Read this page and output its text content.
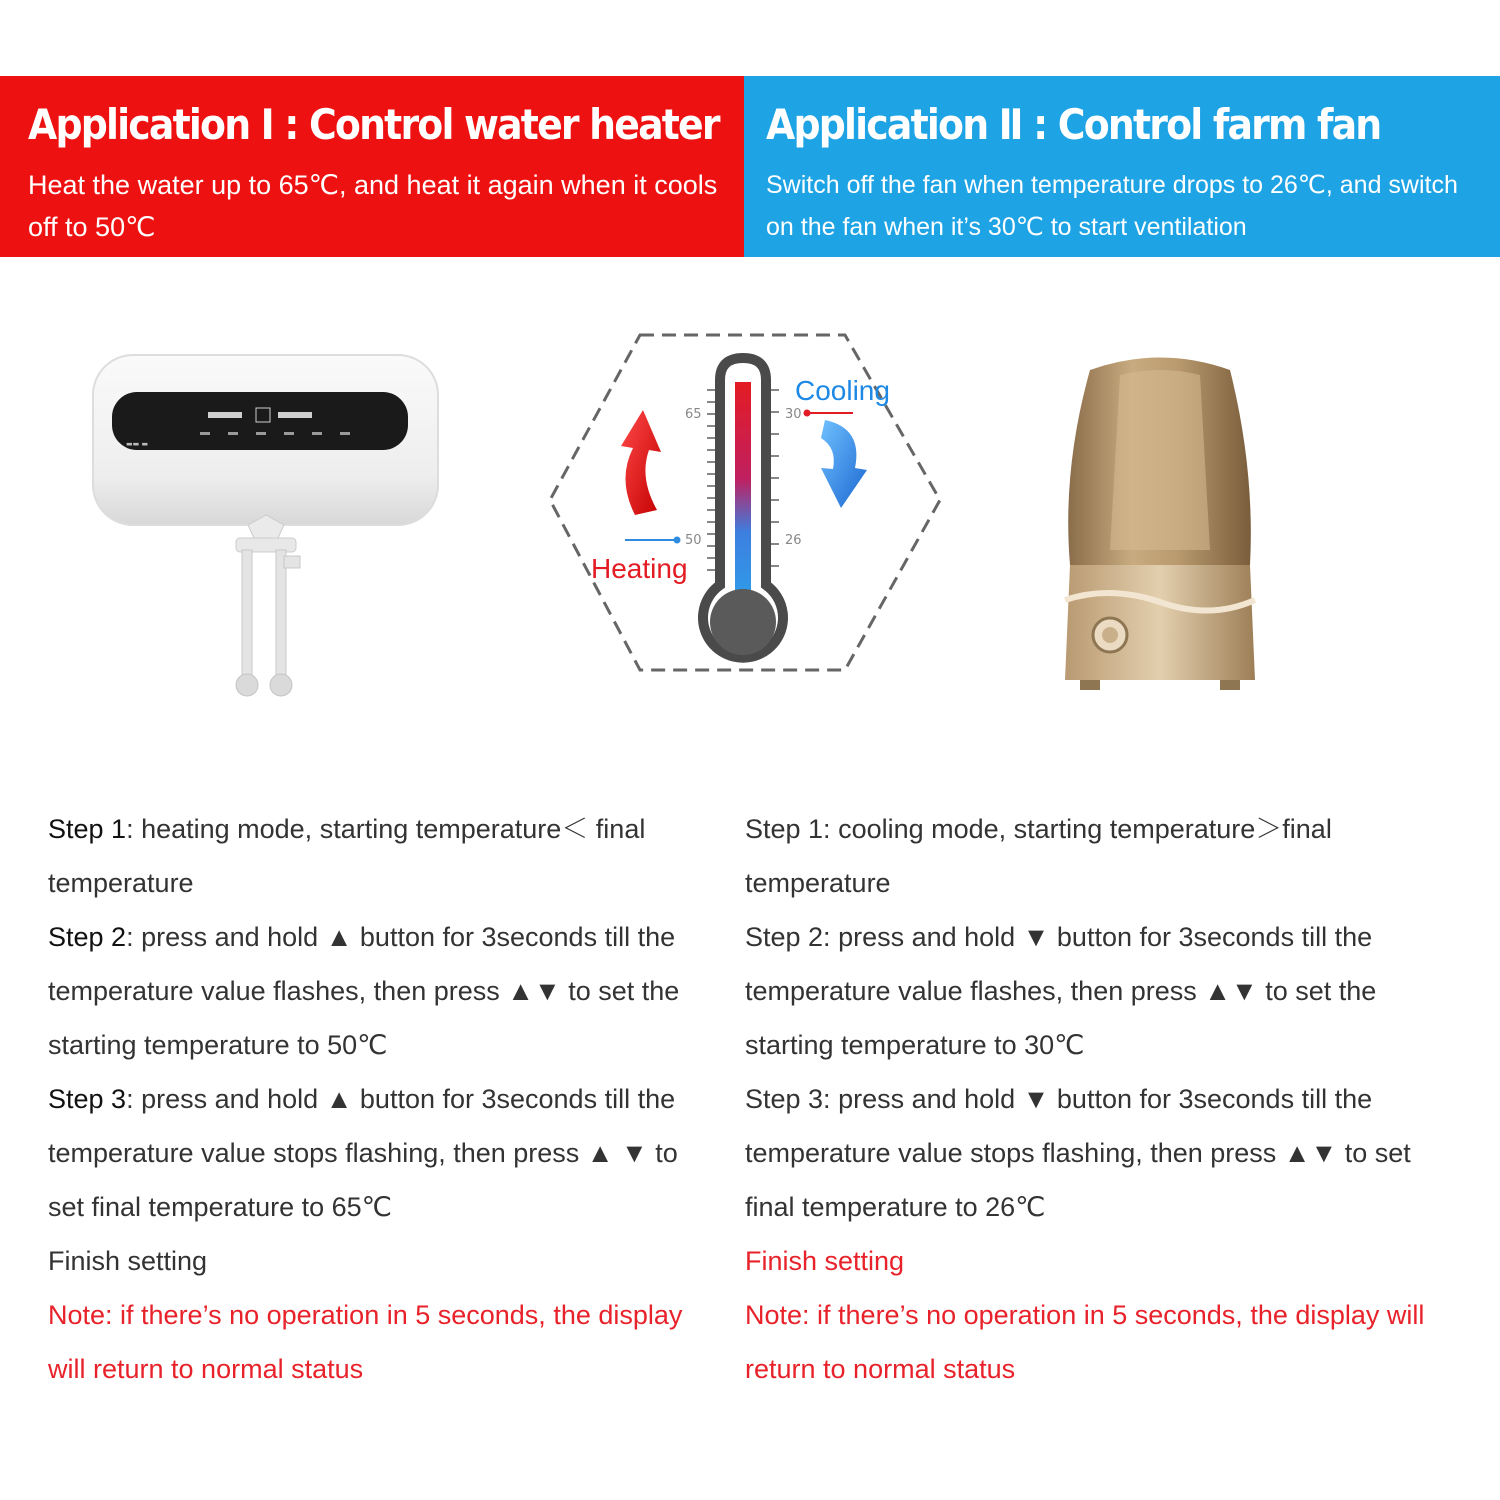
Application Ⅰ : Control water heater
Heat the water up to 65℃, and heat it again when it cools off to 50℃
Application Ⅱ : Control farm fan
Switch off the fan when temperature drops to 26℃, and switch on the fan when it’s 30℃ to start ventilation
▬▬ ▬
65
50
30
26
Cooling
Heating

Step 1: heating mode, starting temperature＜ final temperature

Step 2: press and hold ▲ button for 3seconds till the temperature value flashes, then press ▲▼ to set the starting temperature to 50℃

Step 3: press and hold ▲ button for 3seconds till the temperature value stops flashing, then press ▲ ▼ to set final temperature to 65℃

Finish setting

Note: if there’s no operation in 5 seconds, the display will return to normal status

Step 1: cooling mode, starting temperature＞final temperature

Step 2: press and hold ▼ button for 3seconds till the temperature value flashes, then press ▲▼ to set the starting temperature to 30℃

Step 3: press and hold ▼ button for 3seconds till the temperature value stops flashing, then press ▲▼ to set final temperature to 26℃

Finish setting

Note: if there’s no operation in 5 seconds, the display will return to normal status
